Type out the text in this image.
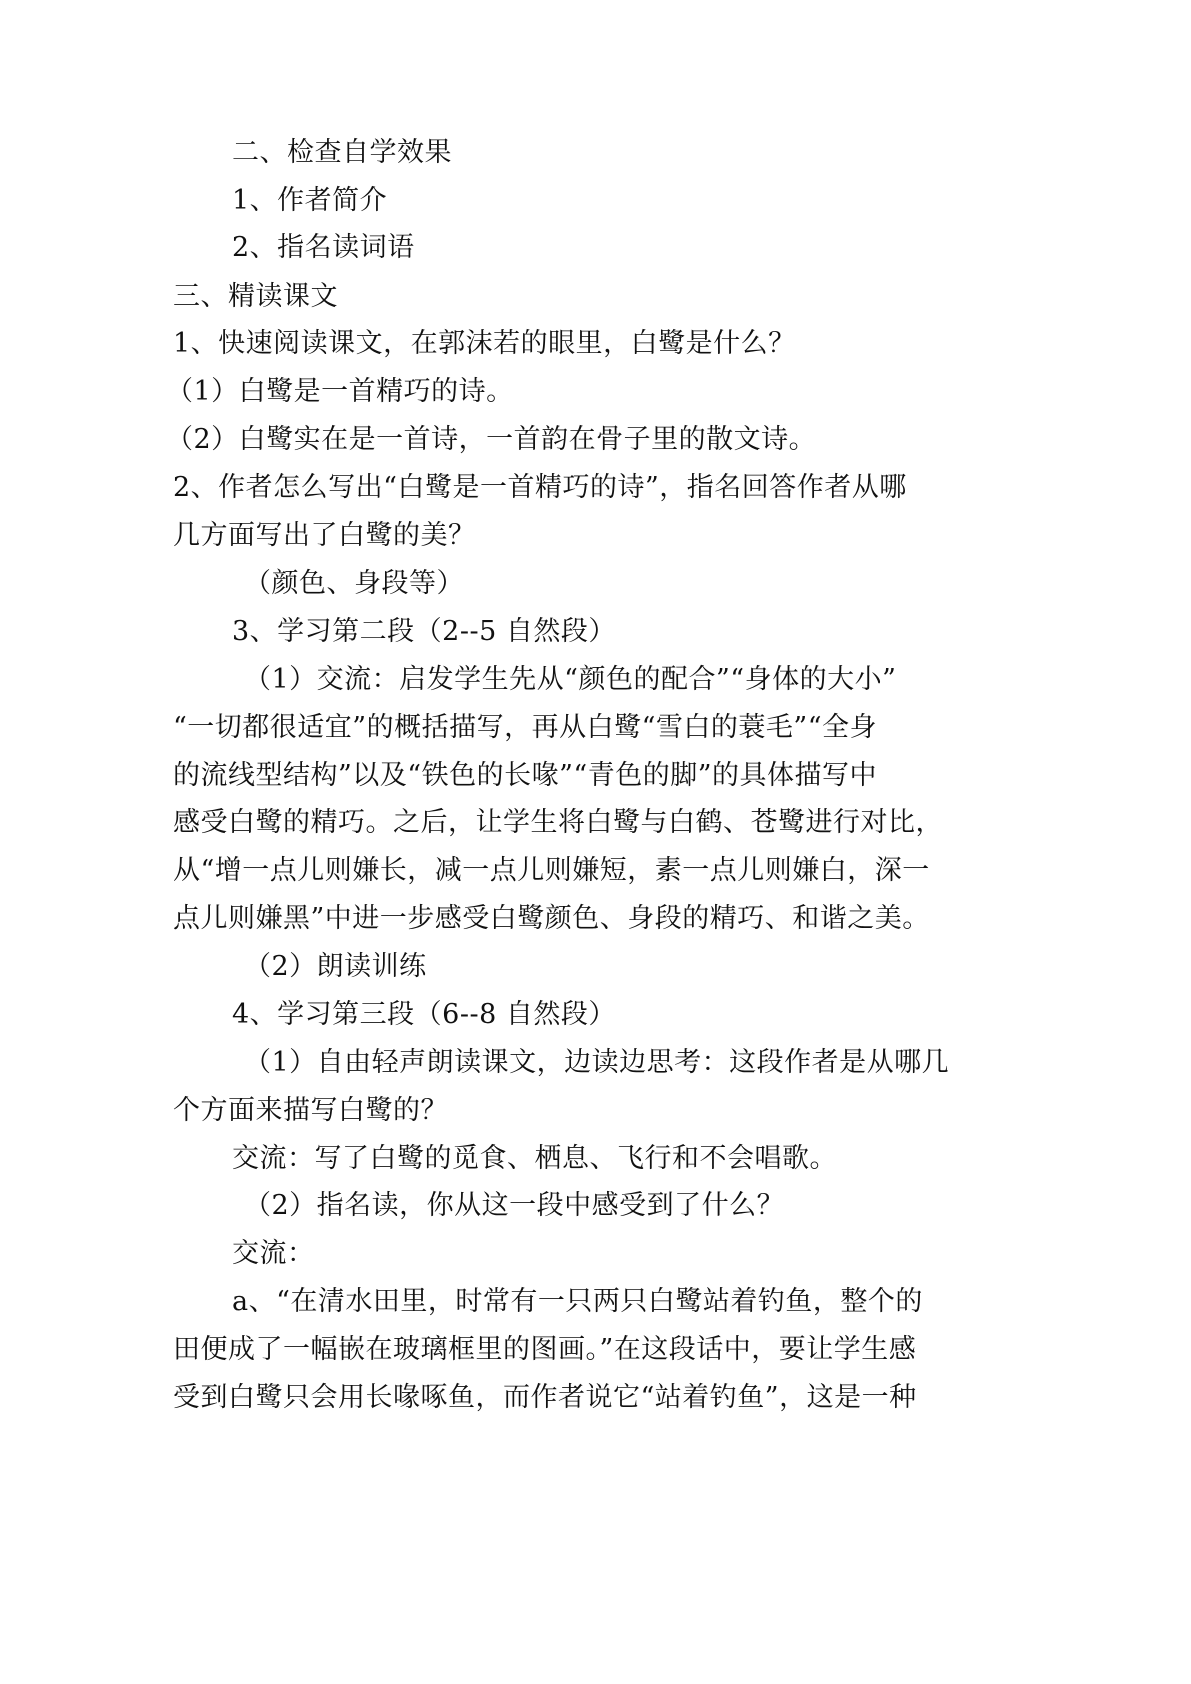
二、检查自学效果
1、作者简介
2、指名读词语
三、精读课文
1、快速阅读课文，在郭沫若的眼里，白鹭是什么？
（1）白鹭是一首精巧的诗。
（2）白鹭实在是一首诗，一首韵在骨子里的散文诗。
2、作者怎么写出“白鹭是一首精巧的诗”，指名回答作者从哪
几方面写出了白鹭的美？
（颜色、身段等）
3、学习第二段（2--5 自然段）
（1）交流：启发学生先从“颜色的配合”“身体的大小”
“一切都很适宜”的概括描写，再从白鹭“雪白的蓑毛”“全身
的流线型结构”以及“铁色的长喙”“青色的脚”的具体描写中
感受白鹭的精巧。之后，让学生将白鹭与白鹤、苍鹭进行对比，
从“增一点儿则嫌长，减一点儿则嫌短，素一点儿则嫌白，深一
点儿则嫌黑”中进一步感受白鹭颜色、身段的精巧、和谐之美。
（2）朗读训练
4、学习第三段（6--8 自然段）
（1）自由轻声朗读课文，边读边思考：这段作者是从哪几
个方面来描写白鹭的？
交流：写了白鹭的觅食、栖息、飞行和不会唱歌。
（2）指名读，你从这一段中感受到了什么？
交流：
a、“在清水田里，时常有一只两只白鹭站着钓鱼，整个的
田便成了一幅嵌在玻璃框里的图画。”在这段话中，要让学生感
受到白鹭只会用长喙啄鱼，而作者说它“站着钓鱼”，这是一种
